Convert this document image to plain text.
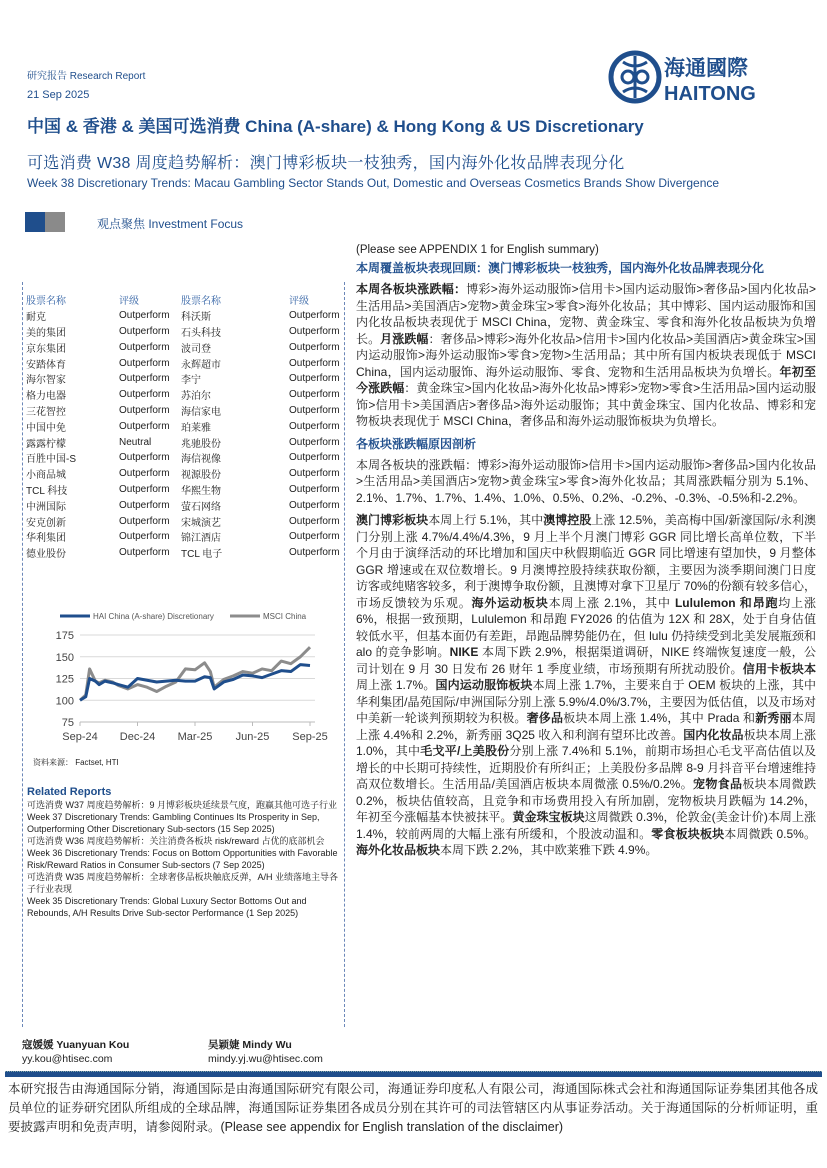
研究报告 Research Report
21 Sep 2025
海通國際
HAITONG
中国 & 香港 & 美国可选消费 China (A-share) & Hong Kong & US Discretionary
可选消费 W38 周度趋势解析：澳门博彩板块一枝独秀，国内海外化妆品牌表现分化
Week 38 Discretionary Trends: Macau Gambling Sector Stands Out, Domestic and Overseas Cosmetics Brands Show Divergence
观点聚焦 Investment Focus
股票名称	评级	股票名称	评级
耐克	Outperform	科沃斯	Outperform
美的集团	Outperform	石头科技	Outperform
京东集团	Outperform	波司登	Outperform
安踏体育	Outperform	永辉超市	Outperform
海尔智家	Outperform	李宁	Outperform
格力电器	Outperform	苏泊尔	Outperform
三花智控	Outperform	海信家电	Outperform
中国中免	Outperform	珀莱雅	Outperform
露露柠檬	Neutral	兆驰股份	Outperform
百胜中国-S	Outperform	海信视像	Outperform
小商品城	Outperform	视源股份	Outperform
TCL 科技	Outperform	华熙生物	Outperform
中洲国际	Outperform	萤石网络	Outperform
安克创新	Outperform	宋城演艺	Outperform
华利集团	Outperform	锦江酒店	Outperform
德业股份	Outperform	TCL 电子	Outperform
75
100
125
150
175
Sep-24 Dec-24 Mar-25 Jun-25 Sep-25
HAI China (A-share) Discretionary	MSCI China
资料来源： Factset, HTI
Related Reports

可选消费 W37 周度趋势解析：9 月博彩板块延续景气度，跑赢其他可选子行业

Week 37 Discretionary Trends: Gambling Continues Its Prosperity in Sep, Outperforming Other Discretionary Sub-sectors (15 Sep 2025)

可选消费 W36 周度趋势解析：关注消费各板块 risk/reward 占优的底部机会

Week 36 Discretionary Trends: Focus on Bottom Opportunities with Favorable Risk/Reward Ratios in Consumer Sub-sectors (7 Sep 2025)

可选消费 W35 周度趋势解析：全球奢侈品板块触底反弹，A/H 业绩落地主导各子行业表现

Week 35 Discretionary Trends: Global Luxury Sector Bottoms Out and Rebounds, A/H Results Drive Sub-sector Performance (1 Sep 2025)

(Please see APPENDIX 1 for English summary)
本周覆盖板块表现回顾：澳门博彩板块一枝独秀，国内海外化妆品牌表现分化
本周各板块涨跌幅：博彩>海外运动服饰>信用卡>国内运动服饰>奢侈品>国内化妆品>生活用品>美国酒店>宠物>黄金珠宝>零食>海外化妆品；其中博彩、国内运动服饰和国内化妆品板块表现优于 MSCI China，宠物、黄金珠宝、零食和海外化妆品板块为负增长。月涨跌幅：奢侈品>博彩>海外化妆品>信用卡>国内化妆品>美国酒店>黄金珠宝>国内运动服饰>海外运动服饰>零食>宠物>生活用品；其中所有国内板块表现低于 MSCI China，国内运动服饰、海外运动服饰、零食、宠物和生活用品板块为负增长。年初至今涨跌幅：黄金珠宝>国内化妆品>海外化妆品>博彩>宠物>零食>生活用品>国内运动服饰>信用卡>美国酒店>奢侈品>海外运动服饰；其中黄金珠宝、国内化妆品、博彩和宠物板块表现优于 MSCI China，奢侈品和海外运动服饰板块为负增长。
各板块涨跌幅原因剖析
本周各板块的涨跌幅：博彩>海外运动服饰>信用卡>国内运动服饰>奢侈品>国内化妆品>生活用品>美国酒店>宠物>黄金珠宝>零食>海外化妆品；其周涨跌幅分别为 5.1%、2.1%、1.7%、1.7%、1.4%、1.0%、0.5%、0.2%、-0.2%、-0.3%、-0.5%和-2.2%。
澳门博彩板块本周上行 5.1%，其中澳博控股上涨 12.5%，美高梅中国/新濠国际/永利澳门分别上涨 4.7%/4.4%/4.3%，9 月上半个月澳门博彩 GGR 同比增长高单位数，下半个月由于演绎活动的环比增加和国庆中秋假期临近 GGR 同比增速有望加快，9 月整体 GGR 增速或在双位数增长。9 月澳博控股持续获取份额，主要因为淡季期间澳门日度访客或纯赌客较多，利于澳博争取份额，且澳博对拿下卫星厅 70%的份额有较多信心，市场反馈较为乐观。海外运动板块本周上涨 2.1%，其中 Lululemon 和昂跑均上涨 6%，根据一致预期，Lululemon 和昂跑 FY2026 的估值为 12X 和 28X，处于自身估值较低水平，但基本面仍有差距，昂跑品牌势能仍在，但 lulu 仍持续受到北美发展瓶颈和 alo 的竞争影响。NIKE 本周下跌 2.9%，根据渠道调研，NIKE 终端恢复速度一般，公司计划在 9 月 30 日发布 26 财年 1 季度业绩，市场预期有所扰动股价。信用卡板块本周上涨 1.7%。国内运动服饰板块本周上涨 1.7%，主要来自于 OEM 板块的上涨，其中华利集团/晶苑国际/申洲国际分别上涨 5.9%/4.0%/3.7%，主要因为低估值，以及市场对中美新一轮谈判预期较为积极。奢侈品板块本周上涨 1.4%，其中 Prada 和新秀丽本周上涨 4.4%和 2.2%，新秀丽 3Q25 收入和利润有望环比改善。国内化妆品板块本周上涨 1.0%，其中毛戈平/上美股份分别上涨 7.4%和 5.1%，前期市场担心毛戈平高估值以及增长的中长期可持续性，近期股价有所纠正；上美股份多品牌 8-9 月抖音平台增速维持高双位数增长。生活用品/美国酒店板块本周微涨 0.5%/0.2%。宠物食品板块本周微跌 0.2%，板块估值较高，且竞争和市场费用投入有所加剧，宠物板块月跌幅为 14.2%，年初至今涨幅基本快被抹平。黄金珠宝板块这周微跌 0.3%，伦敦金(美金计价)本周上涨 1.4%，较前两周的大幅上涨有所缓和，个股波动温和。零食板块板块本周微跌 0.5%。海外化妆品板块本周下跌 2.2%，其中欧莱雅下跌 4.9%。
寇媛媛 Yuanyuan Kou
yy.kou@htisec.com
吴颖婕 Mindy Wu
mindy.yj.wu@htisec.com
本研究报告由海通国际分销，海通国际是由海通国际研究有限公司，海通证券印度私人有限公司，海通国际株式会社和海通国际证券集团其他各成员单位的证券研究团队所组成的全球品牌，海通国际证券集团各成员分别在其许可的司法管辖区内从事证券活动。关于海通国际的分析师证明，重要披露声明和免责声明，请参阅附录。(Please see appendix for English translation of the disclaimer)
